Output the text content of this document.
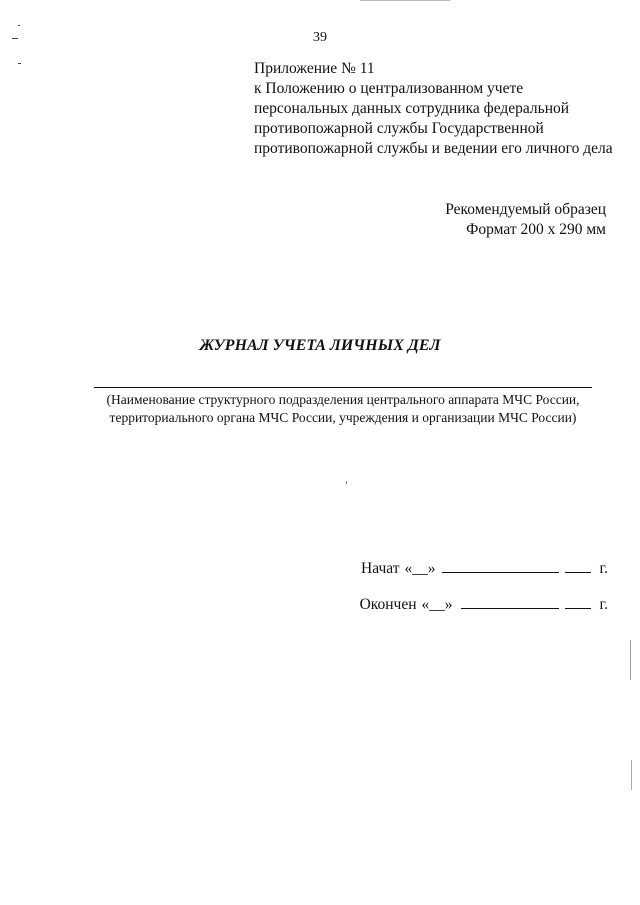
39
Приложение № 11
к Положению о централизованном учете
персональных данных сотрудника федеральной
противопожарной службы Государственной
противопожарной службы и ведении его личного дела
Рекомендуемый образец
Формат 200 х 290 мм
ЖУРНАЛ УЧЕТА ЛИЧНЫХ ДЕЛ
(Наименование структурного подразделения центрального аппарата МЧС России,
территориального органа МЧС России, учреждения и организации МЧС России)
Начат «__»	г.
Окончен «__»	г.
